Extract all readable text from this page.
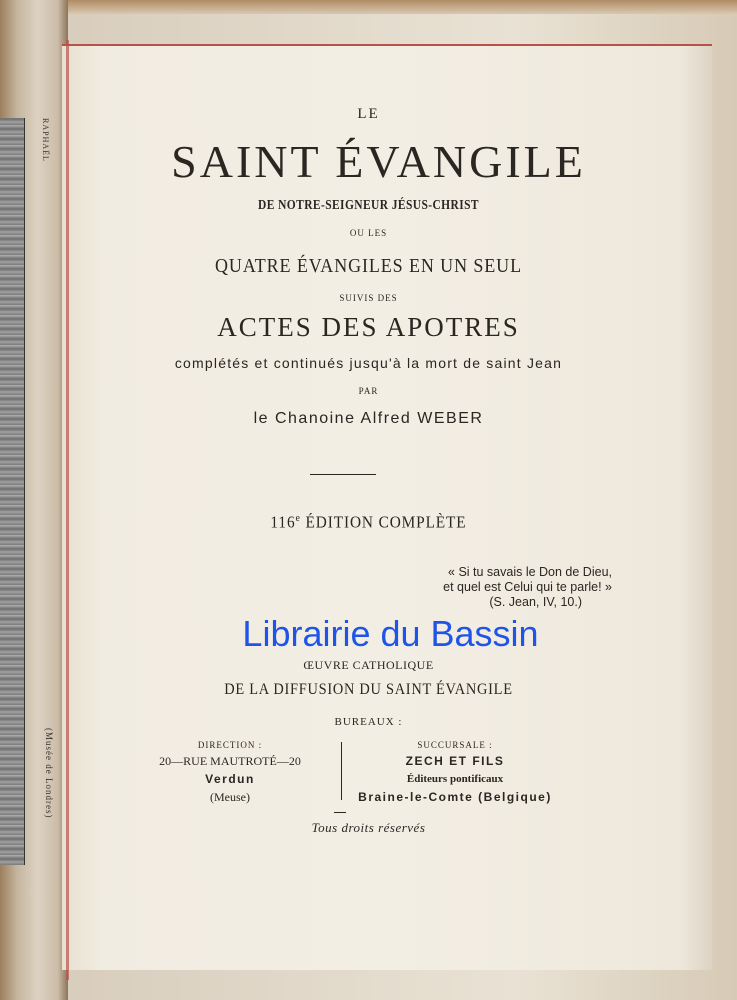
RAPHAËL
(Musée de Londres)
LE
SAINT ÉVANGILE
DE NOTRE-SEIGNEUR JÉSUS-CHRIST
OU LES
QUATRE ÉVANGILES EN UN SEUL
SUIVIS DES
ACTES DES APOTRES
complétés et continués jusqu'à la mort de saint Jean
PAR
le Chanoine Alfred WEBER
116e ÉDITION COMPLÈTE
« Si tu savais le Don de Dieu,
et quel est Celui qui te parle! »
(S. Jean, IV, 10.)
Librairie du Bassin
ŒUVRE CATHOLIQUE
DE LA DIFFUSION DU SAINT ÉVANGILE
BUREAUX :
DIRECTION :
20—RUE MAUTROTÉ—20
Verdun
(Meuse)
SUCCURSALE :
ZECH ET FILS
Éditeurs pontificaux
Braine-le-Comte (Belgique)
Tous droits réservés
